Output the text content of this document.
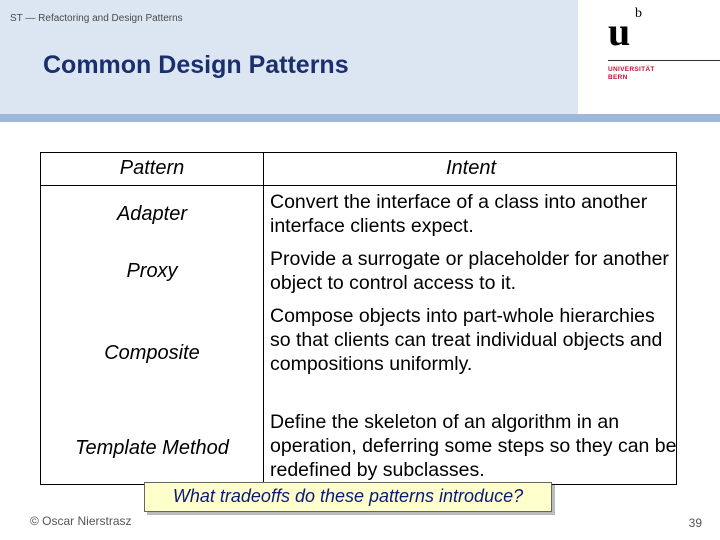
ST — Refactoring and Design Patterns
Common Design Patterns
u b
UNIVERSITÄT
BERN
Pattern	Intent
Adapter
Convert the interface of a class into another interface clients expect.
Proxy
Provide a surrogate or placeholder for another object to control access to it.
Composite
Compose objects into part-whole hierarchies so that clients can treat individual objects and compositions uniformly.
Template Method
Define the skeleton of an algorithm in an operation, deferring some steps so they can be redefined by subclasses.
What tradeoffs do these patterns introduce?
© Oscar Nierstrasz	39
